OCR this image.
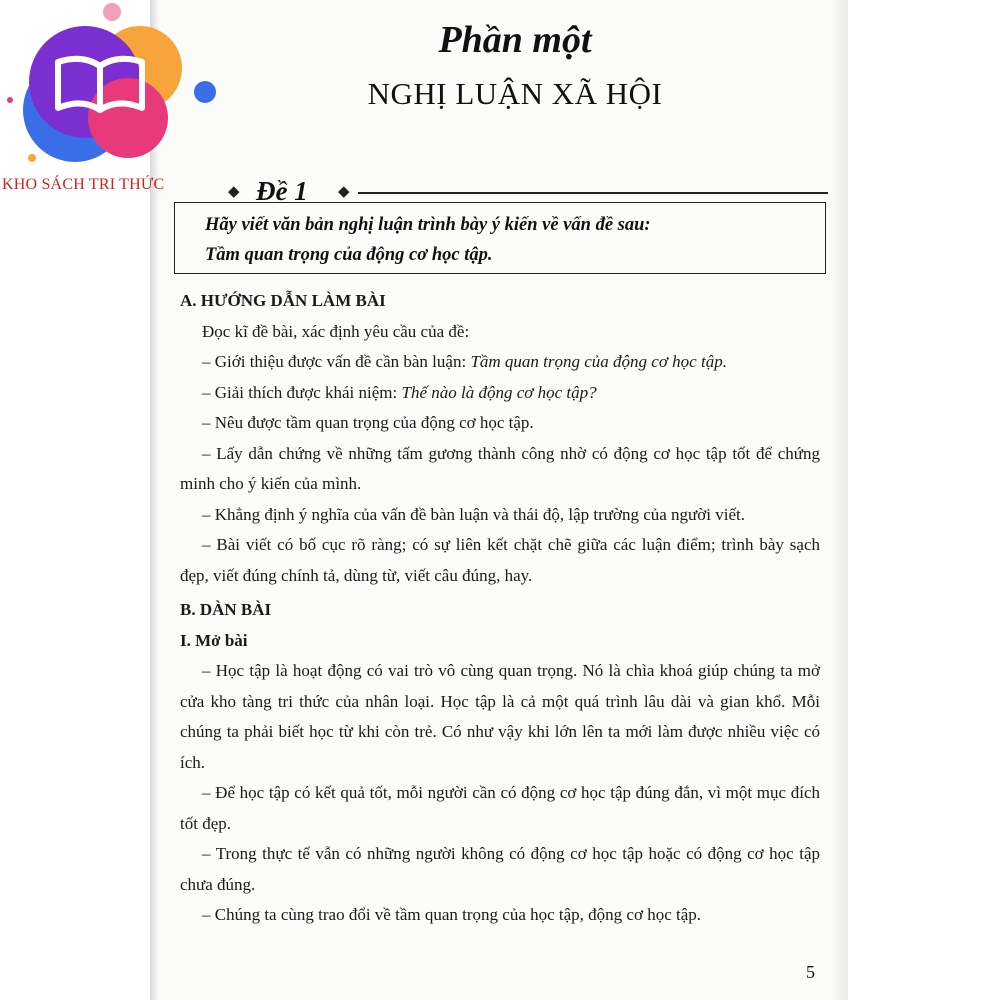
KHO SÁCH TRI THỨC
Phần một
NGHỊ LUẬN XÃ HỘI
◆ Đề 1 ◆
Hãy viết văn bản nghị luận trình bày ý kiến về vấn đề sau:
Tầm quan trọng của động cơ học tập.
A. HƯỚNG DẪN LÀM BÀI

Đọc kĩ đề bài, xác định yêu cầu của đề:

– Giới thiệu được vấn đề cần bàn luận: Tầm quan trọng của động cơ học tập.

– Giải thích được khái niệm: Thế nào là động cơ học tập?

– Nêu được tầm quan trọng của động cơ học tập.

– Lấy dẫn chứng về những tấm gương thành công nhờ có động cơ học tập tốt để chứng minh cho ý kiến của mình.

– Khẳng định ý nghĩa của vấn đề bàn luận và thái độ, lập trường của người viết.

– Bài viết có bố cục rõ ràng; có sự liên kết chặt chẽ giữa các luận điểm; trình bày sạch đẹp, viết đúng chính tả, dùng từ, viết câu đúng, hay.

B. DÀN BÀI
I. Mở bài

– Học tập là hoạt động có vai trò vô cùng quan trọng. Nó là chìa khoá giúp chúng ta mở cửa kho tàng tri thức của nhân loại. Học tập là cả một quá trình lâu dài và gian khổ. Mỗi chúng ta phải biết học từ khi còn trẻ. Có như vậy khi lớn lên ta mới làm được nhiều việc có ích.

– Để học tập có kết quả tốt, mỗi người cần có động cơ học tập đúng đắn, vì một mục đích tốt đẹp.

– Trong thực tế vẫn có những người không có động cơ học tập hoặc có động cơ học tập chưa đúng.

– Chúng ta cùng trao đổi về tầm quan trọng của học tập, động cơ học tập.

5
